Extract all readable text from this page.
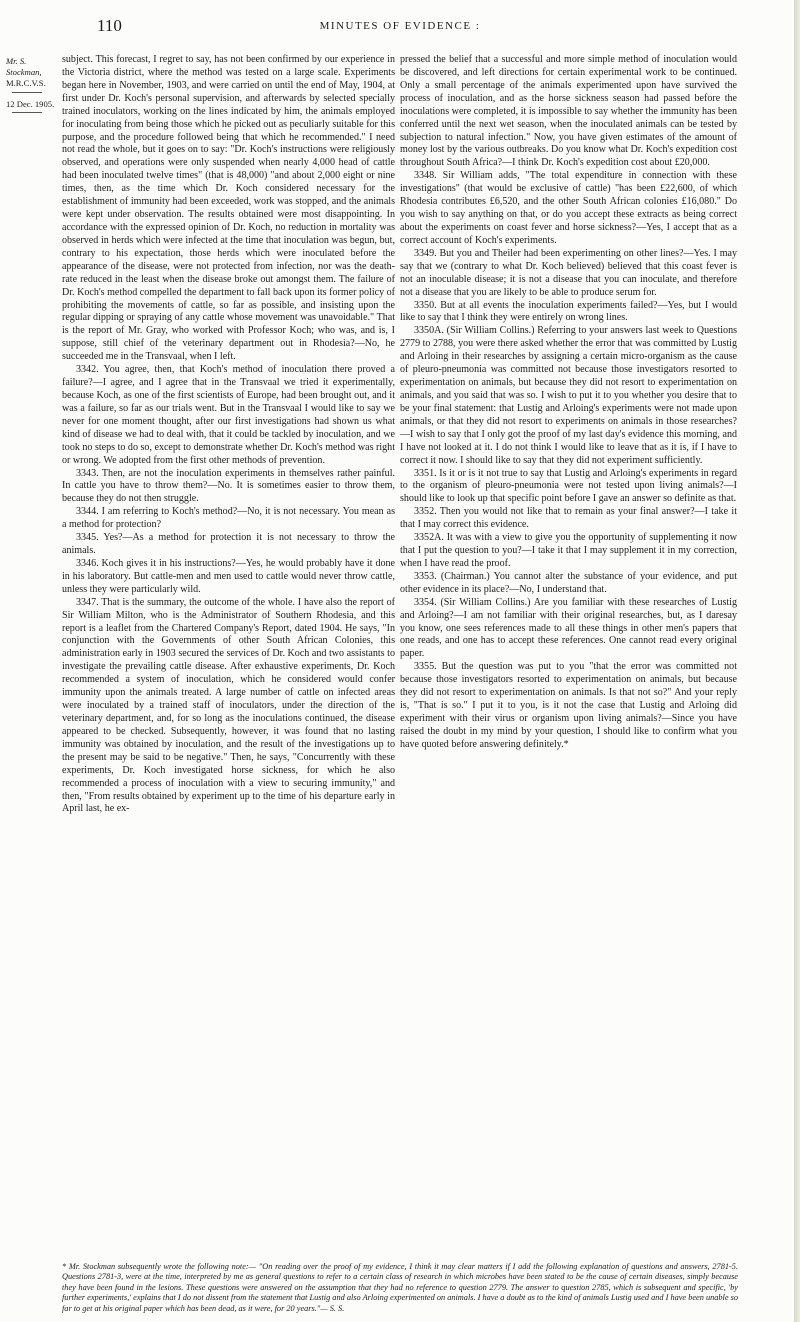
110	MINUTES OF EVIDENCE :
Mr. S.
Stockman,
M.R.C.V.S.
12 Dec. 1905.

subject. This forecast, I regret to say, has not been confirmed by our experience in the Victoria district, where the method was tested on a large scale. Experiments began here in November, 1903, and were carried on until the end of May, 1904, at first under Dr. Koch's personal supervision, and afterwards by selected specially trained inoculators, working on the lines indicated by him, the animals employed for inoculating from being those which he picked out as peculiarly suitable for this purpose, and the procedure followed being that which he recommended." I need not read the whole, but it goes on to say: "Dr. Koch's instructions were religiously observed, and operations were only suspended when nearly 4,000 head of cattle had been inoculated twelve times" (that is 48,000) "and about 2,000 eight or nine times, then, as the time which Dr. Koch considered necessary for the establishment of immunity had been exceeded, work was stopped, and the animals were kept under observation. The results obtained were most disappointing. In accordance with the expressed opinion of Dr. Koch, no reduction in mortality was observed in herds which were infected at the time that inoculation was begun, but, contrary to his expectation, those herds which were inoculated before the appearance of the disease, were not protected from infection, nor was the death-rate reduced in the least when the disease broke out amongst them. The failure of Dr. Koch's method compelled the department to fall back upon its former policy of prohibiting the movements of cattle, so far as possible, and insisting upon the regular dipping or spraying of any cattle whose movement was unavoidable." That is the report of Mr. Gray, who worked with Professor Koch; who was, and is, I suppose, still chief of the veterinary department out in Rhodesia?—No, he succeeded me in the Transvaal, when I left.

3342. You agree, then, that Koch's method of inoculation there proved a failure?—I agree, and I agree that in the Transvaal we tried it experimentally, because Koch, as one of the first scientists of Europe, had been brought out, and it was a failure, so far as our trials went. But in the Transvaal I would like to say we never for one moment thought, after our first investigations had shown us what kind of disease we had to deal with, that it could be tackled by inoculation, and we took no steps to do so, except to demonstrate whether Dr. Koch's method was right or wrong. We adopted from the first other methods of prevention.

3343. Then, are not the inoculation experiments in themselves rather painful. In cattle you have to throw them?—No. It is sometimes easier to throw them, because they do not then struggle.

3344. I am referring to Koch's method?—No, it is not necessary. You mean as a method for protection?

3345. Yes?—As a method for protection it is not necessary to throw the animals.

3346. Koch gives it in his instructions?—Yes, he would probably have it done in his laboratory. But cattle-men and men used to cattle would never throw cattle, unless they were particularly wild.

3347. That is the summary, the outcome of the whole. I have also the report of Sir William Milton, who is the Administrator of Southern Rhodesia, and this report is a leaflet from the Chartered Company's Report, dated 1904. He says, "In conjunction with the Governments of other South African Colonies, this administration early in 1903 secured the services of Dr. Koch and two assistants to investigate the prevailing cattle disease. After exhaustive experiments, Dr. Koch recommended a system of inoculation, which he considered would confer immunity upon the animals treated. A large number of cattle on infected areas were inoculated by a trained staff of inoculators, under the direction of the veterinary department, and, for so long as the inoculations continued, the disease appeared to be checked. Subsequently, however, it was found that no lasting immunity was obtained by inoculation, and the result of the investigations up to the present may be said to be negative." Then, he says, "Concurrently with these experiments, Dr. Koch investigated horse sickness, for which he also recommended a process of inoculation with a view to securing immunity," and then, "From results obtained by experiment up to the time of his departure early in April last, he ex-

pressed the belief that a successful and more simple method of inoculation would be discovered, and left directions for certain experimental work to be continued. Only a small percentage of the animals experimented upon have survived the process of inoculation, and as the horse sickness season had passed before the inoculations were completed, it is impossible to say whether the immunity has been conferred until the next wet season, when the inoculated animals can be tested by subjection to natural infection." Now, you have given estimates of the amount of money lost by the various outbreaks. Do you know what Dr. Koch's expedition cost throughout South Africa?—I think Dr. Koch's expedition cost about £20,000.

3348. Sir William adds, "The total expenditure in connection with these investigations" (that would be exclusive of cattle) "has been £22,600, of which Rhodesia contributes £6,520, and the other South African colonies £16,080." Do you wish to say anything on that, or do you accept these extracts as being correct about the experiments on coast fever and horse sickness?—Yes, I accept that as a correct account of Koch's experiments.

3349. But you and Theiler had been experimenting on other lines?—Yes. I may say that we (contrary to what Dr. Koch believed) believed that this coast fever is not an inoculable disease; it is not a disease that you can inoculate, and therefore not a disease that you are likely to be able to produce serum for.

3350. But at all events the inoculation experiments failed?—Yes, but I would like to say that I think they were entirely on wrong lines.

3350A. (Sir William Collins.) Referring to your answers last week to Questions 2779 to 2788, you were there asked whether the error that was committed by Lustig and Arloing in their researches by assigning a certain micro-organism as the cause of pleuro-pneumonia was committed not because those investigators resorted to experimentation on animals, but because they did not resort to experimentation on animals, and you said that was so. I wish to put it to you whether you desire that to be your final statement: that Lustig and Arloing's experiments were not made upon animals, or that they did not resort to experiments on animals in those researches?—I wish to say that I only got the proof of my last day's evidence this morning, and I have not looked at it. I do not think I would like to leave that as it is, if I have to correct it now. I should like to say that they did not experiment sufficiently.

3351. Is it or is it not true to say that Lustig and Arloing's experiments in regard to the organism of pleuro-pneumonia were not tested upon living animals?—I should like to look up that specific point before I gave an answer so definite as that.

3352. Then you would not like that to remain as your final answer?—I take it that I may correct this evidence.

3352A. It was with a view to give you the opportunity of supplementing it now that I put the question to you?—I take it that I may supplement it in my correction, when I have read the proof.

3353. (Chairman.) You cannot alter the substance of your evidence, and put other evidence in its place?—No, I understand that.

3354. (Sir William Collins.) Are you familiar with these researches of Lustig and Arloing?—I am not familiar with their original researches, but, as I daresay you know, one sees references made to all these things in other men's papers that one reads, and one has to accept these references. One cannot read every original paper.

3355. But the question was put to you "that the error was committed not because those investigators resorted to experimentation on animals, but because they did not resort to experimentation on animals. Is that not so?" And your reply is, "That is so." I put it to you, is it not the case that Lustig and Arloing did experiment with their virus or organism upon living animals?—Since you have raised the doubt in my mind by your question, I should like to confirm what you have quoted before answering definitely.*

* Mr. Stockman subsequently wrote the following note:— "On reading over the proof of my evidence, I think it may clear matters if I add the following explanation of questions and answers, 2781-5. Questions 2781-3, were at the time, interpreted by me as general questions to refer to a certain class of research in which microbes have been stated to be the cause of certain diseases, simply because they have been found in the lesions. These questions were answered on the assumption that they had no reference to question 2779. The answer to question 2785, which is subsequent and specific, 'by further experiments,' explains that I do not dissent from the statement that Lustig and also Arloing experimented on animals. I have a doubt as to the kind of animals Lustig used and I have been unable so far to get at his original paper which has been dead, as it were, for 20 years."— S. S.
